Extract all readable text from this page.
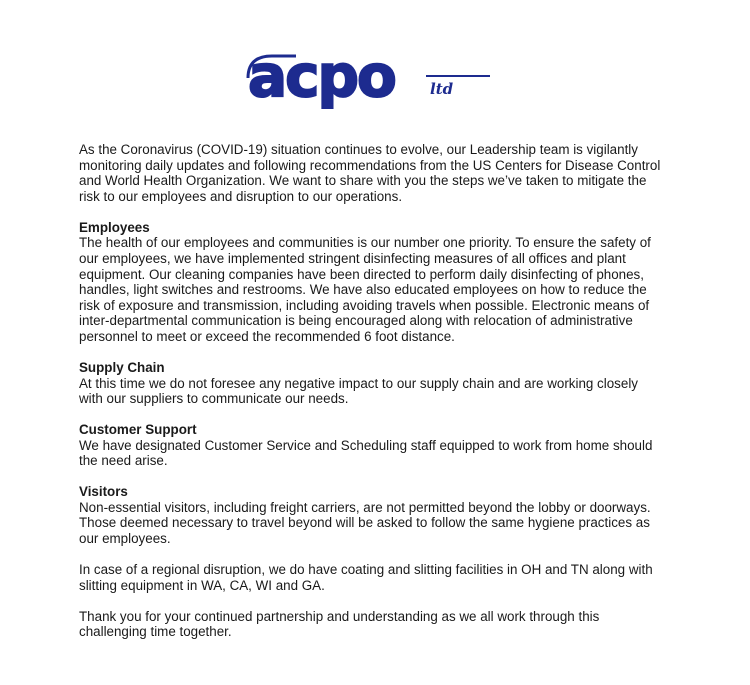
acpo ltd

As the Coronavirus (COVID-19) situation continues to evolve, our Leadership team is vigilantly monitoring daily updates and following recommendations from the US Centers for Disease Control and World Health Organization. We want to share with you the steps we’ve taken to mitigate the risk to our employees and disruption to our operations.

Employees
The health of our employees and communities is our number one priority. To ensure the safety of our employees, we have implemented stringent disinfecting measures of all offices and plant equipment. Our cleaning companies have been directed to perform daily disinfecting of phones, handles, light switches and restrooms. We have also educated employees on how to reduce the risk of exposure and transmission, including avoiding travels when possible. Electronic means of inter-departmental communication is being encouraged along with relocation of administrative personnel to meet or exceed the recommended 6 foot distance.

Supply Chain
At this time we do not foresee any negative impact to our supply chain and are working closely with our suppliers to communicate our needs.

Customer Support
We have designated Customer Service and Scheduling staff equipped to work from home should the need arise.

Visitors
Non-essential visitors, including freight carriers, are not permitted beyond the lobby or doorways. Those deemed necessary to travel beyond will be asked to follow the same hygiene practices as our employees.

In case of a regional disruption, we do have coating and slitting facilities in OH and TN along with slitting equipment in WA, CA, WI and GA.

Thank you for your continued partnership and understanding as we all work through this challenging time together.
